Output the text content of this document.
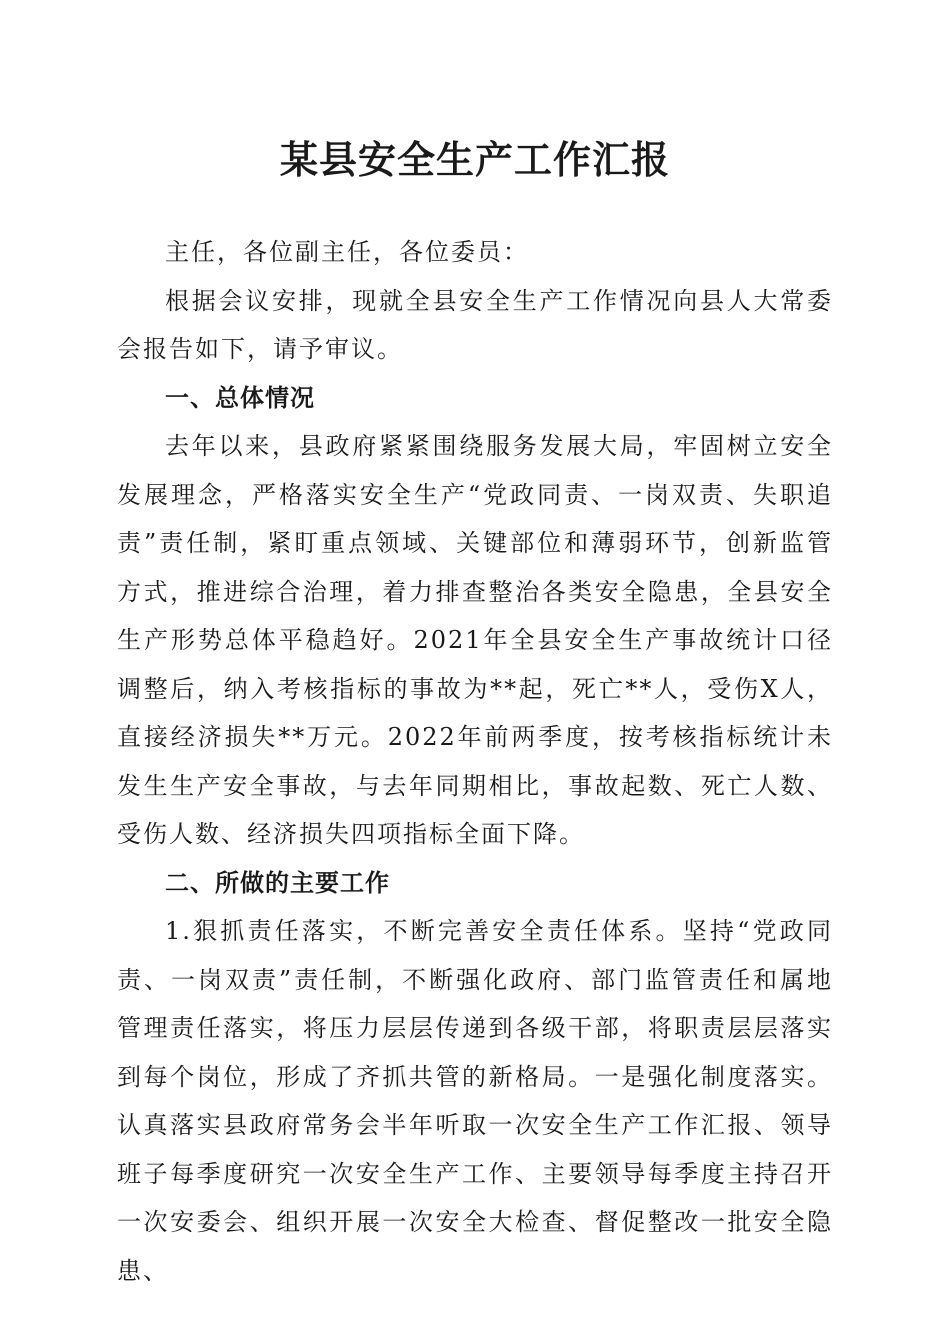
某县安全生产工作汇报

主任，各位副主任，各位委员：

根据会议安排，现就全县安全生产工作情况向县人大常委会报告如下，请予审议。

一、总体情况

去年以来，县政府紧紧围绕服务发展大局，牢固树立安全发展理念，严格落实安全生产“党政同责、一岗双责、失职追责”责任制，紧盯重点领域、关键部位和薄弱环节，创新监管方式，推进综合治理，着力排查整治各类安全隐患，全县安全生产形势总体平稳趋好。2021年全县安全生产事故统计口径调整后，纳入考核指标的事故为**起，死亡**人，受伤X人，直接经济损失**万元。2022年前两季度，按考核指标统计未发生生产安全事故，与去年同期相比，事故起数、死亡人数、受伤人数、经济损失四项指标全面下降。

二、所做的主要工作

1.狠抓责任落实，不断完善安全责任体系。坚持“党政同责、一岗双责”责任制，不断强化政府、部门监管责任和属地管理责任落实，将压力层层传递到各级干部，将职责层层落实到每个岗位，形成了齐抓共管的新格局。一是强化制度落实。认真落实县政府常务会半年听取一次安全生产工作汇报、领导班子每季度研究一次安全生产工作、主要领导每季度主持召开一次安委会、组织开展一次安全大检查、督促整改一批安全隐患、
